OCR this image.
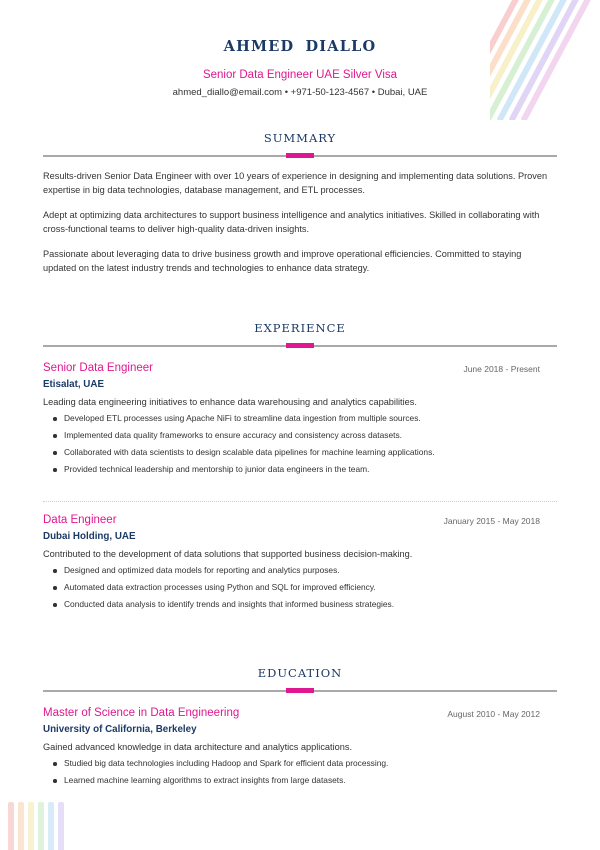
AHMED DIALLO
Senior Data Engineer UAE Silver Visa
ahmed_diallo@email.com • +971-50-123-4567 • Dubai, UAE
SUMMARY

Results-driven Senior Data Engineer with over 10 years of experience in designing and implementing data solutions. Proven expertise in big data technologies, database management, and ETL processes.

Adept at optimizing data architectures to support business intelligence and analytics initiatives. Skilled in collaborating with cross-functional teams to deliver high-quality data-driven insights.

Passionate about leveraging data to drive business growth and improve operational efficiencies. Committed to staying updated on the latest industry trends and technologies to enhance data strategy.

EXPERIENCE
Senior Data Engineer	June 2018 - Present
Etisalat, UAE
Leading data engineering initiatives to enhance data warehousing and analytics capabilities.
Developed ETL processes using Apache NiFi to streamline data ingestion from multiple sources.
Implemented data quality frameworks to ensure accuracy and consistency across datasets.
Collaborated with data scientists to design scalable data pipelines for machine learning applications.
Provided technical leadership and mentorship to junior data engineers in the team.
Data Engineer	January 2015 - May 2018
Dubai Holding, UAE
Contributed to the development of data solutions that supported business decision-making.
Designed and optimized data models for reporting and analytics purposes.
Automated data extraction processes using Python and SQL for improved efficiency.
Conducted data analysis to identify trends and insights that informed business strategies.
EDUCATION
Master of Science in Data Engineering	August 2010 - May 2012
University of California, Berkeley
Gained advanced knowledge in data architecture and analytics applications.
Studied big data technologies including Hadoop and Spark for efficient data processing.
Learned machine learning algorithms to extract insights from large datasets.
